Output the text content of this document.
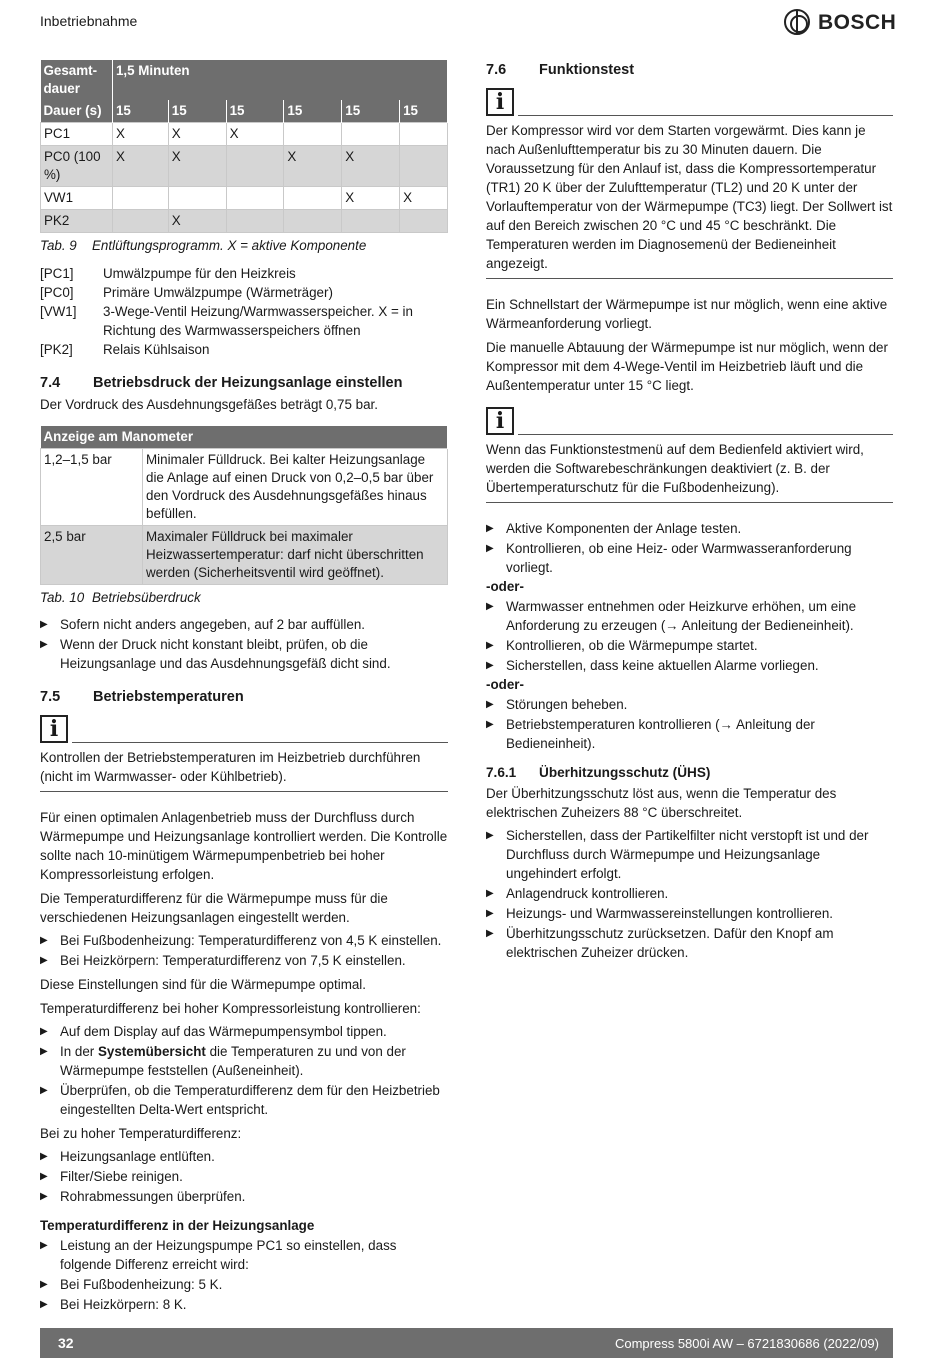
Inbetriebnahme	BOSCH
Gesamt-dauer	1,5 Minuten					
Dauer (s)	15	15	15	15	15	15
PC1	X	X	X			
PC0 (100 %)	X	X		X	X	
VW1					X	X
PK2		X				
Tab. 9 Entlüftungsprogramm. X = aktive Komponente
[PC1]	Umwälzpumpe für den Heizkreis
[PC0]	Primäre Umwälzpumpe (Wärmeträger)
[VW1]	3-Wege-Ventil Heizung/Warmwasserspeicher. X = in Richtung des Warmwasserspeichers öffnen
[PK2]	Relais Kühlsaison
7.4	Betriebsdruck der Heizungsanlage einstellen

Der Vordruck des Ausdehnungsgefäßes beträgt 0,75 bar.

Anzeige am Manometer	
1,2–1,5 bar	Minimaler Fülldruck. Bei kalter Heizungsanlage die Anlage auf einen Druck von 0,2–0,5 bar über den Vordruck des Ausdehnungsgefäßes hinaus befüllen.
2,5 bar	Maximaler Fülldruck bei maximaler Heizwassertemperatur: darf nicht überschritten werden (Sicherheitsventil wird geöffnet).
Tab. 10 Betriebsüberdruck
▶ Sofern nicht anders angegeben, auf 2 bar auffüllen.
▶ Wenn der Druck nicht konstant bleibt, prüfen, ob die Heizungsanlage und das Ausdehnungsgefäß dicht sind.
7.5	Betriebstemperaturen
i
Kontrollen der Betriebstemperaturen im Heizbetrieb durchführen (nicht im Warmwasser- oder Kühlbetrieb).

Für einen optimalen Anlagenbetrieb muss der Durchfluss durch Wärmepumpe und Heizungsanlage kontrolliert werden. Die Kontrolle sollte nach 10-minütigem Wärmepumpenbetrieb bei hoher Kompressorleistung erfolgen.

Die Temperaturdifferenz für die Wärmepumpe muss für die verschiedenen Heizungsanlagen eingestellt werden.

▶ Bei Fußbodenheizung: Temperaturdifferenz von 4,5 K einstellen.
▶ Bei Heizkörpern: Temperaturdifferenz von 7,5 K einstellen.

Diese Einstellungen sind für die Wärmepumpe optimal.

Temperaturdifferenz bei hoher Kompressorleistung kontrollieren:

▶ Auf dem Display auf das Wärmepumpensymbol tippen.
▶ In der Systemübersicht die Temperaturen zu und von der Wärmepumpe feststellen (Außeneinheit).
▶ Überprüfen, ob die Temperaturdifferenz dem für den Heizbetrieb eingestellten Delta-Wert entspricht.

Bei zu hoher Temperaturdifferenz:

▶ Heizungsanlage entlüften.
▶ Filter/Siebe reinigen.
▶ Rohrabmessungen überprüfen.

Temperaturdifferenz in der Heizungsanlage

▶ Leistung an der Heizungspumpe PC1 so einstellen, dass folgende Differenz erreicht wird:
▶ Bei Fußbodenheizung: 5 K.
▶ Bei Heizkörpern: 8 K.
7.6	Funktionstest
i
Der Kompressor wird vor dem Starten vorgewärmt. Dies kann je nach Außenlufttemperatur bis zu 30 Minuten dauern. Die Voraussetzung für den Anlauf ist, dass die Kompressortemperatur (TR1) 20 K über der Zulufttemperatur (TL2) und 20 K unter der Vorlauftemperatur von der Wärmepumpe (TC3) liegt. Der Sollwert ist auf den Bereich zwischen 20 °C und 45 °C beschränkt. Die Temperaturen werden im Diagnosemenü der Bedieneinheit angezeigt.

Ein Schnellstart der Wärmepumpe ist nur möglich, wenn eine aktive Wärmeanforderung vorliegt.

Die manuelle Abtauung der Wärmepumpe ist nur möglich, wenn der Kompressor mit dem 4-Wege-Ventil im Heizbetrieb läuft und die Außentemperatur unter 15 °C liegt.

i
Wenn das Funktionstestmenü auf dem Bedienfeld aktiviert wird, werden die Softwarebeschränkungen deaktiviert (z. B. der Übertemperaturschutz für die Fußbodenheizung).
▶ Aktive Komponenten der Anlage testen.
▶ Kontrollieren, ob eine Heiz- oder Warmwasseranforderung vorliegt.
-oder-
▶ Warmwasser entnehmen oder Heizkurve erhöhen, um eine Anforderung zu erzeugen (→ Anleitung der Bedieneinheit).
▶ Kontrollieren, ob die Wärmepumpe startet.
▶ Sicherstellen, dass keine aktuellen Alarme vorliegen.
-oder-
▶ Störungen beheben.
▶ Betriebstemperaturen kontrollieren (→ Anleitung der Bedieneinheit).
7.6.1	Überhitzungsschutz (ÜHS)

Der Überhitzungsschutz löst aus, wenn die Temperatur des elektrischen Zuheizers 88 °C überschreitet.

▶ Sicherstellen, dass der Partikelfilter nicht verstopft ist und der Durchfluss durch Wärmepumpe und Heizungsanlage ungehindert erfolgt.
▶ Anlagendruck kontrollieren.
▶ Heizungs- und Warmwassereinstellungen kontrollieren.
▶ Überhitzungsschutz zurücksetzen. Dafür den Knopf am elektrischen Zuheizer drücken.
32	Compress 5800i AW – 6721830686 (2022/09)
